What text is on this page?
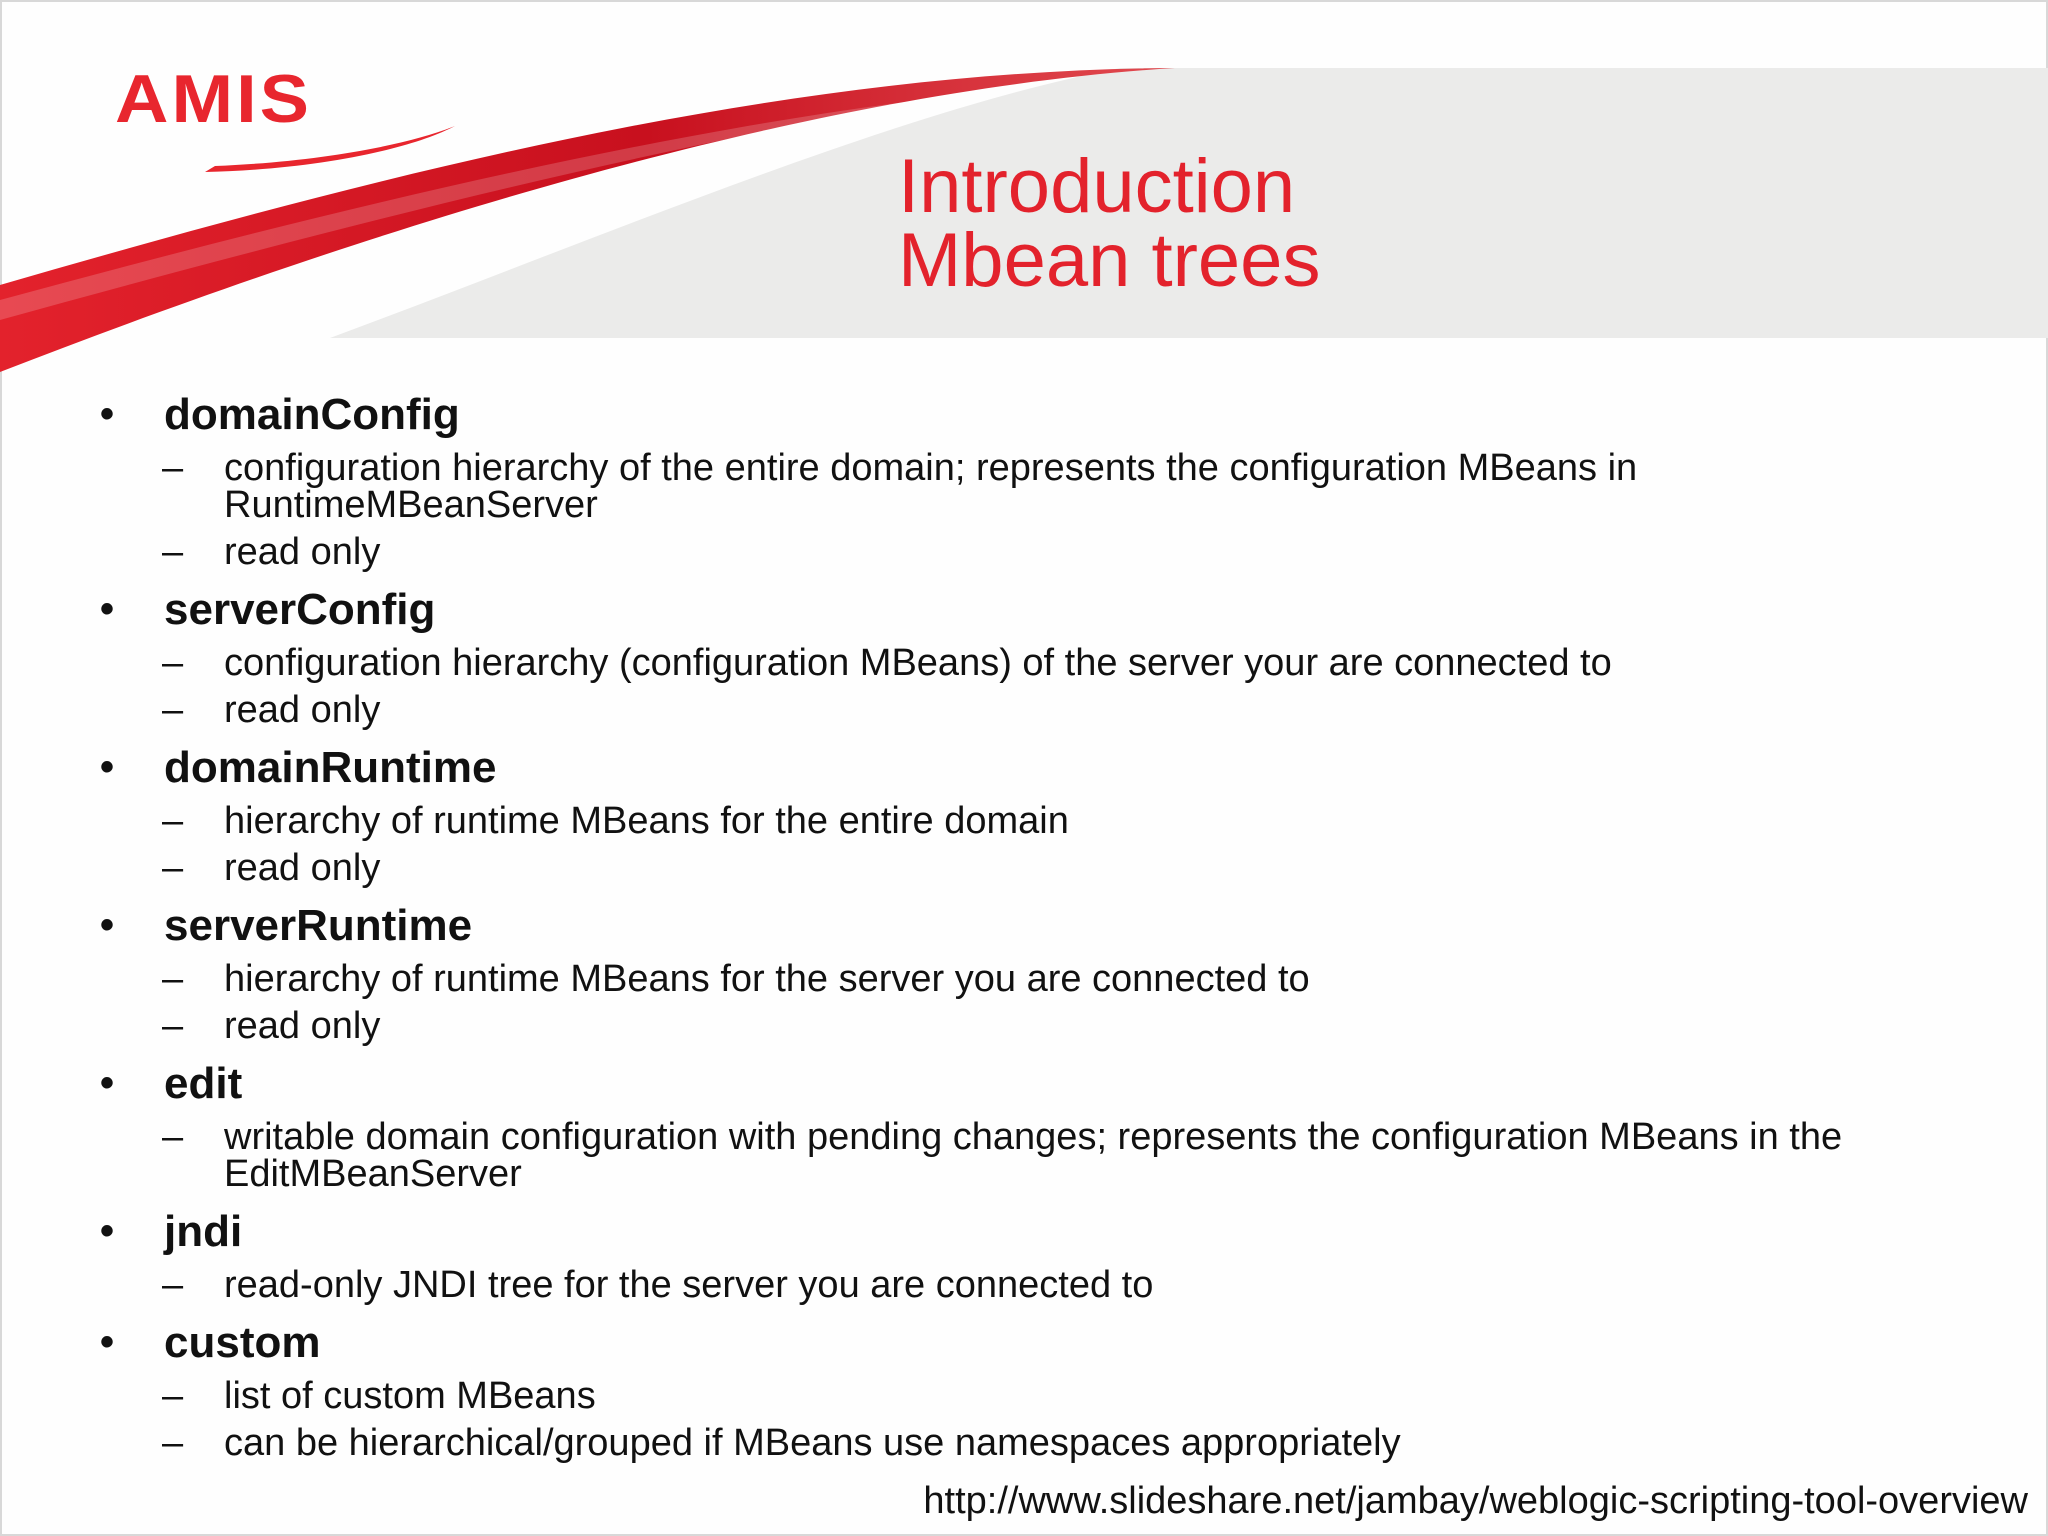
AMIS
Introduction
Mbean trees
• domainConfig
– configuration hierarchy of the entire domain; represents the configuration MBeans in RuntimeMBeanServer
– read only
• serverConfig
– configuration hierarchy (configuration MBeans) of the server your are connected to
– read only
• domainRuntime
– hierarchy of runtime MBeans for the entire domain
– read only
• serverRuntime
– hierarchy of runtime MBeans for the server you are connected to
– read only
• edit
– writable domain configuration with pending changes; represents the configuration MBeans in the EditMBeanServer
• jndi
– read-only JNDI tree for the server you are connected to
• custom
– list of custom MBeans
– can be hierarchical/grouped if MBeans use namespaces appropriately
http://www.slideshare.net/jambay/weblogic-scripting-tool-overview
